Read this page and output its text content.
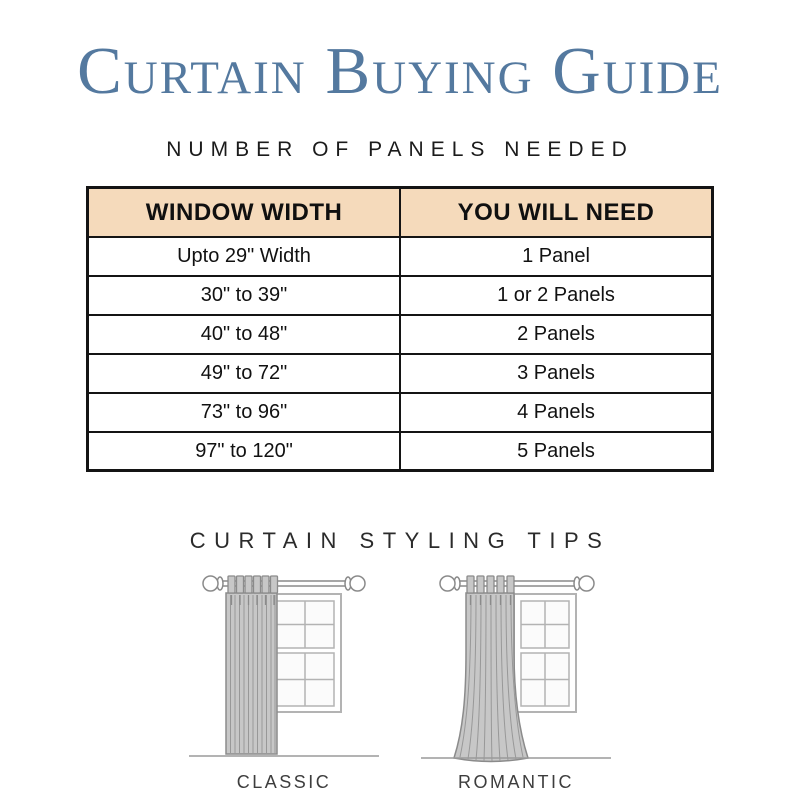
Curtain Buying Guide
NUMBER OF PANELS NEEDED
WINDOW WIDTH	YOU WILL NEED
Upto 29" Width	1 Panel
30" to 39"	1 or 2 Panels
40" to 48"	2 Panels
49" to 72"	3 Panels
73" to 96"	4 Panels
97" to 120"	5 Panels
CURTAIN STYLING TIPS
CLASSIC	ROMANTIC
